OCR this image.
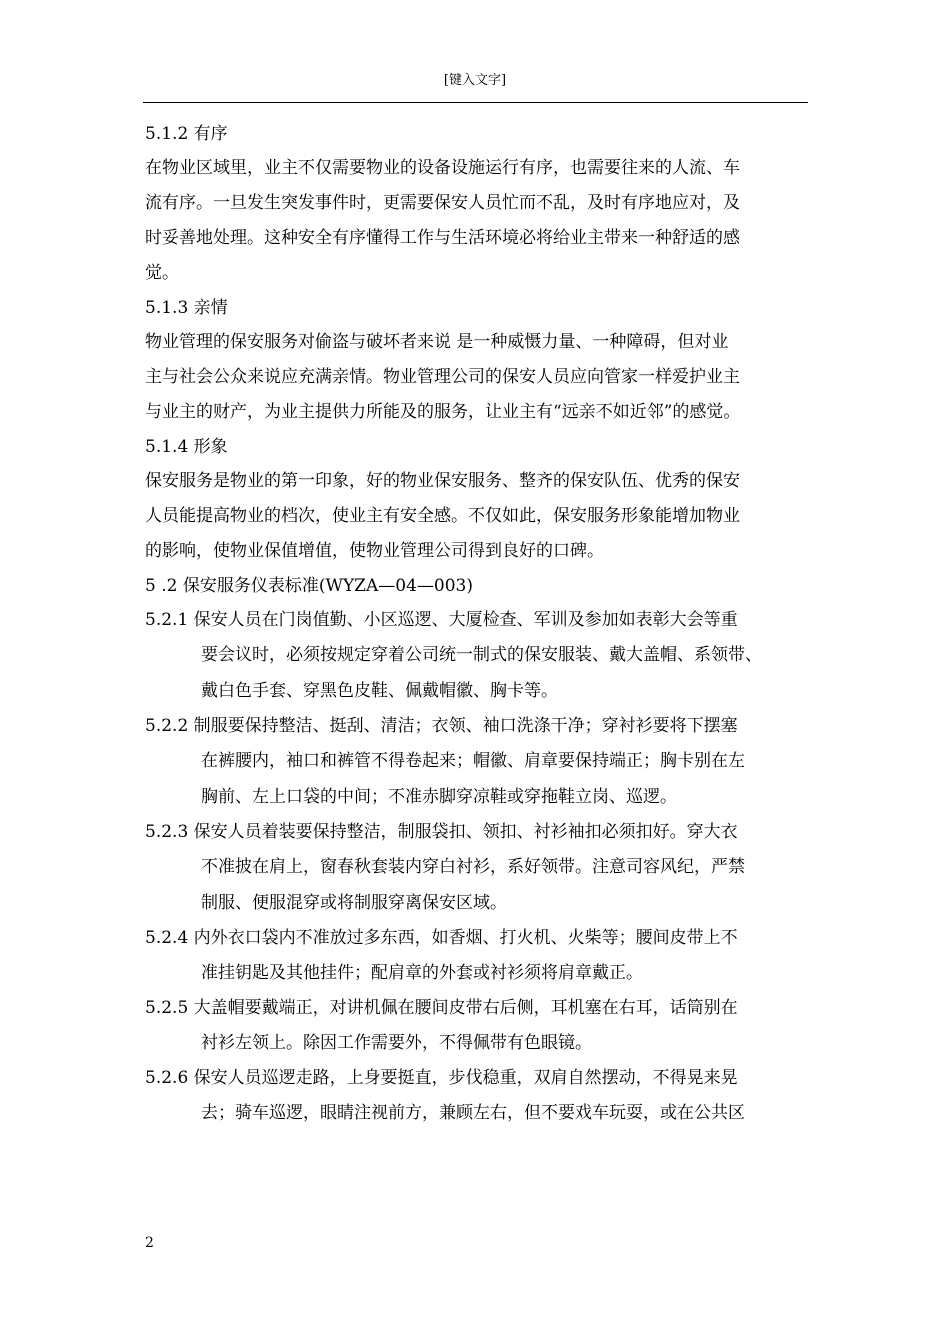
[键入文字]

5.1.2 有序

在物业区域里，业主不仅需要物业的设备设施运行有序，也需要往来的人流、车

流有序。一旦发生突发事件时，更需要保安人员忙而不乱，及时有序地应对，及

时妥善地处理。这种安全有序懂得工作与生活环境必将给业主带来一种舒适的感

觉。

5.1.3 亲情

物业管理的保安服务对偷盗与破坏者来说 是一种威慑力量、一种障碍，但对业

主与社会公众来说应充满亲情。物业管理公司的保安人员应向管家一样爱护业主

与业主的财产，为业主提供力所能及的服务，让业主有“远亲不如近邻”的感觉。

5.1.4 形象

保安服务是物业的第一印象，好的物业保安服务、整齐的保安队伍、优秀的保安

人员能提高物业的档次，使业主有安全感。不仅如此，保安服务形象能增加物业

的影响，使物业保值增值，使物业管理公司得到良好的口碑。

5 .2 保安服务仪表标准(WYZA—04—003)

5.2.1 保安人员在门岗值勤、小区巡逻、大厦检查、军训及参加如表彰大会等重

要会议时，必须按规定穿着公司统一制式的保安服装、戴大盖帽、系领带、

戴白色手套、穿黑色皮鞋、佩戴帽徽、胸卡等。

5.2.2 制服要保持整洁、挺刮、清洁；衣领、袖口洗涤干净；穿衬衫要将下摆塞

在裤腰内，袖口和裤管不得卷起来；帽徽、肩章要保持端正；胸卡别在左

胸前、左上口袋的中间；不准赤脚穿凉鞋或穿拖鞋立岗、巡逻。

5.2.3 保安人员着装要保持整洁，制服袋扣、领扣、衬衫袖扣必须扣好。穿大衣

不准披在肩上，窗春秋套装内穿白衬衫，系好领带。注意司容风纪，严禁

制服、便服混穿或将制服穿离保安区域。

5.2.4 内外衣口袋内不准放过多东西，如香烟、打火机、火柴等；腰间皮带上不

准挂钥匙及其他挂件；配肩章的外套或衬衫须将肩章戴正。

5.2.5 大盖帽要戴端正，对讲机佩在腰间皮带右后侧，耳机塞在右耳，话筒别在

衬衫左领上。除因工作需要外，不得佩带有色眼镜。

5.2.6 保安人员巡逻走路，上身要挺直，步伐稳重，双肩自然摆动，不得晃来晃

去；骑车巡逻，眼睛注视前方，兼顾左右，但不要戏车玩耍，或在公共区

2
